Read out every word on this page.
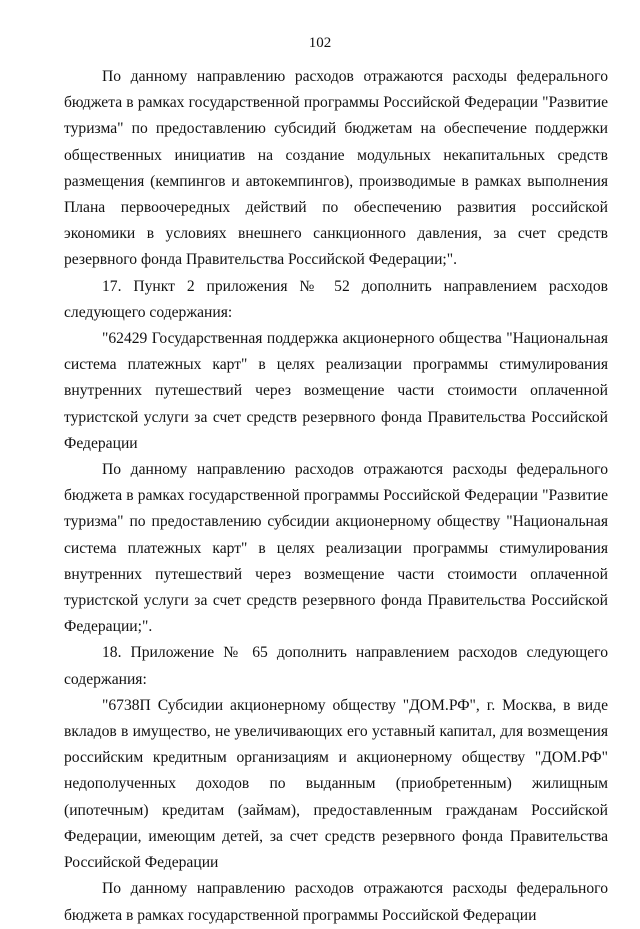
102

По данному направлению расходов отражаются расходы федерального бюджета в рамках государственной программы Российской Федерации "Развитие туризма" по предоставлению субсидий бюджетам на обеспечение поддержки общественных инициатив на создание модульных некапитальных средств размещения (кемпингов и автокемпингов), производимые в рамках выполнения Плана первоочередных действий по обеспечению развития российской экономики в условиях внешнего санкционного давления, за счет средств резервного фонда Правительства Российской Федерации;".

17. Пункт 2 приложения № 52 дополнить направлением расходов следующего содержания:

"62429 Государственная поддержка акционерного общества "Национальная система платежных карт" в целях реализации программы стимулирования внутренних путешествий через возмещение части стоимости оплаченной туристской услуги за счет средств резервного фонда Правительства Российской Федерации

По данному направлению расходов отражаются расходы федерального бюджета в рамках государственной программы Российской Федерации "Развитие туризма" по предоставлению субсидии акционерному обществу "Национальная система платежных карт" в целях реализации программы стимулирования внутренних путешествий через возмещение части стоимости оплаченной туристской услуги за счет средств резервного фонда Правительства Российской Федерации;".

18. Приложение № 65 дополнить направлением расходов следующего содержания:

"6738П Субсидии акционерному обществу "ДОМ.РФ", г. Москва, в виде вкладов в имущество, не увеличивающих его уставный капитал, для возмещения российским кредитным организациям и акционерному обществу "ДОМ.РФ" недополученных доходов по выданным (приобретенным) жилищным (ипотечным) кредитам (займам), предоставленным гражданам Российской Федерации, имеющим детей, за счет средств резервного фонда Правительства Российской Федерации

По данному направлению расходов отражаются расходы федерального бюджета в рамках государственной программы Российской Федерации
